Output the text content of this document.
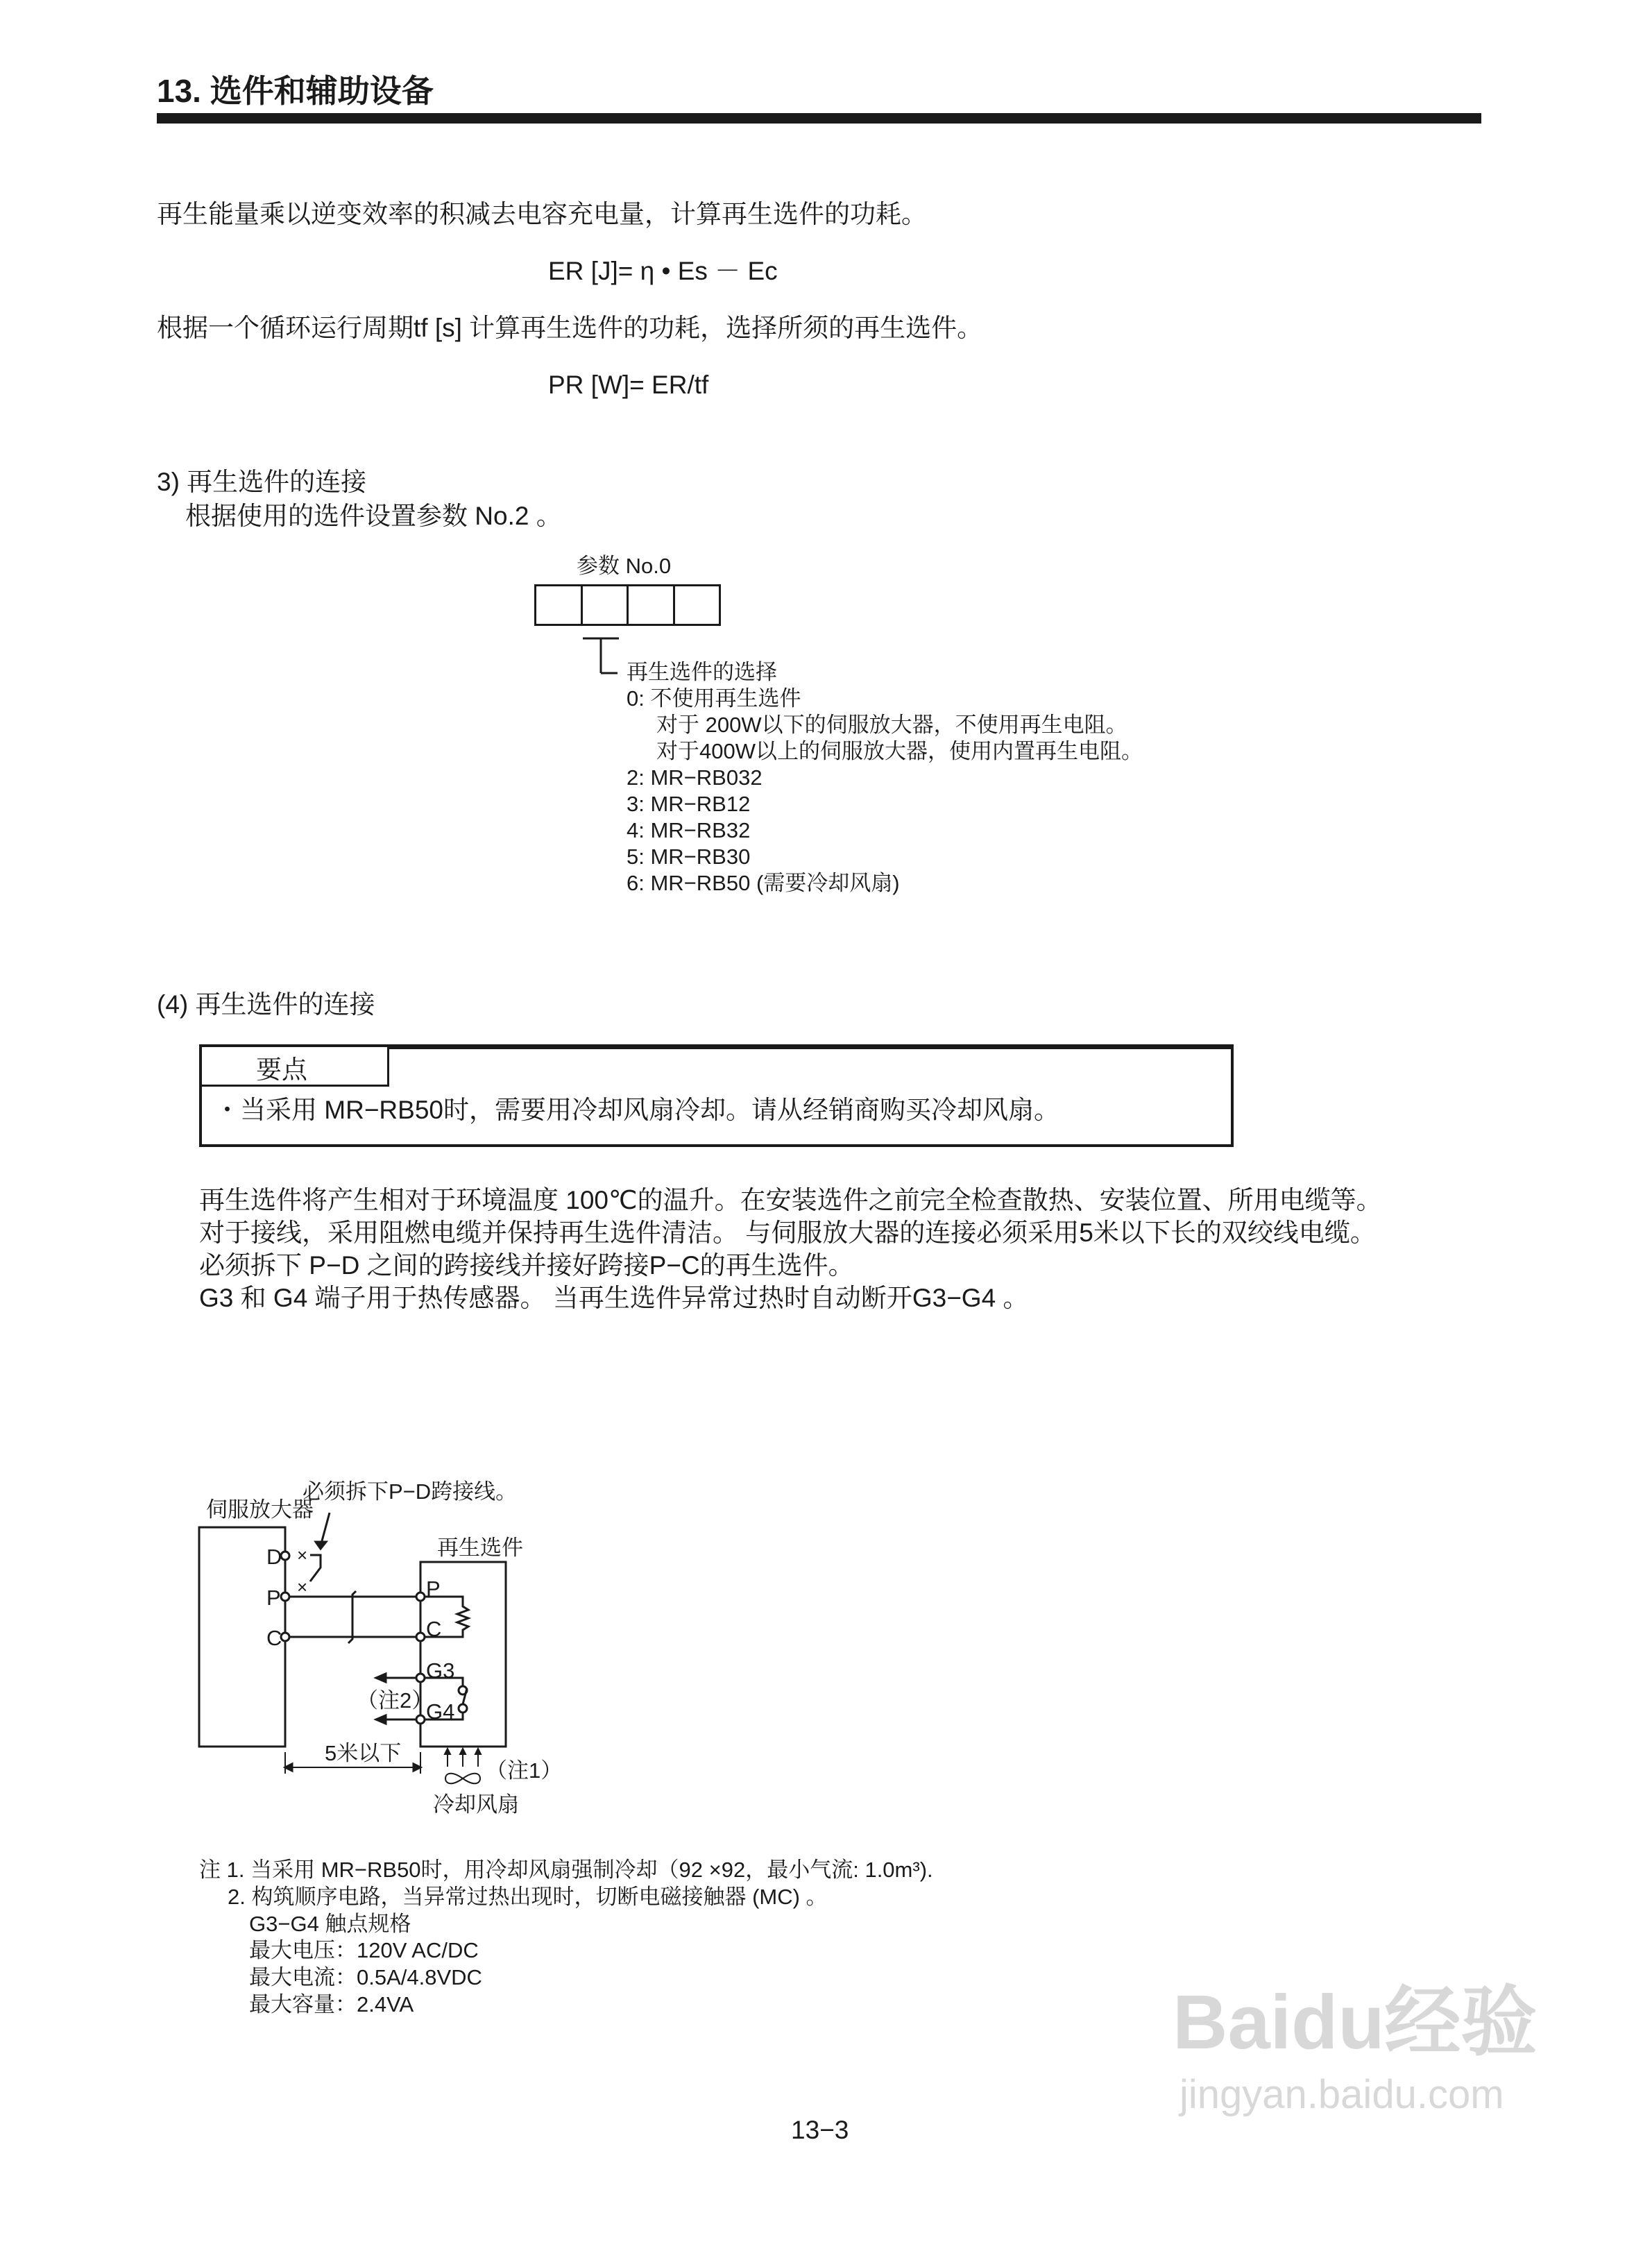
13. 选件和辅助设备
再生能量乘以逆变效率的积减去电容充电量，计算再生选件的功耗。
ER [J]= η • Es － Ec
根据一个循环运行周期tf [s] 计算再生选件的功耗，选择所须的再生选件。
PR [W]= ER/tf
3) 再生选件的连接
根据使用的选件设置参数 No.2 。
参数 No.0
再生选件的选择
0: 不使用再生选件
对于 200W以下的伺服放大器，不使用再生电阻。
对于400W以上的伺服放大器，使用内置再生电阻。
2: MR−RB032
3: MR−RB12
4: MR−RB32
5: MR−RB30
6: MR−RB50 (需要冷却风扇)
(4) 再生选件的连接
要点
・当采用 MR−RB50时，需要用冷却风扇冷却。请从经销商购买冷却风扇。
再生选件将产生相对于环境温度 100℃的温升。在安装选件之前完全检查散热、安装位置、所用电缆等。
对于接线，采用阻燃电缆并保持再生选件清洁。 与伺服放大器的连接必须采用5米以下长的双绞线电缆。
必须拆下 P−D 之间的跨接线并接好跨接P−C的再生选件。
G3 和 G4 端子用于热传感器。 当再生选件异常过热时自动断开G3−G4 。
×
×
伺服放大器
必须拆下P−D跨接线。
再生选件
D
P
C
P
C
G3
G4
（注2）
5米以下
（注1）
冷却风扇
注 1. 当采用 MR−RB50时，用冷却风扇强制冷却（92 ×92，最小气流: 1.0m³).
2. 构筑顺序电路，当异常过热出现时，切断电磁接触器 (MC) 。
G3−G4 触点规格
最大电压：120V AC/DC
最大电流：0.5A/4.8VDC
最大容量：2.4VA
13−3
Baidu经验
jingyan.baidu.com
